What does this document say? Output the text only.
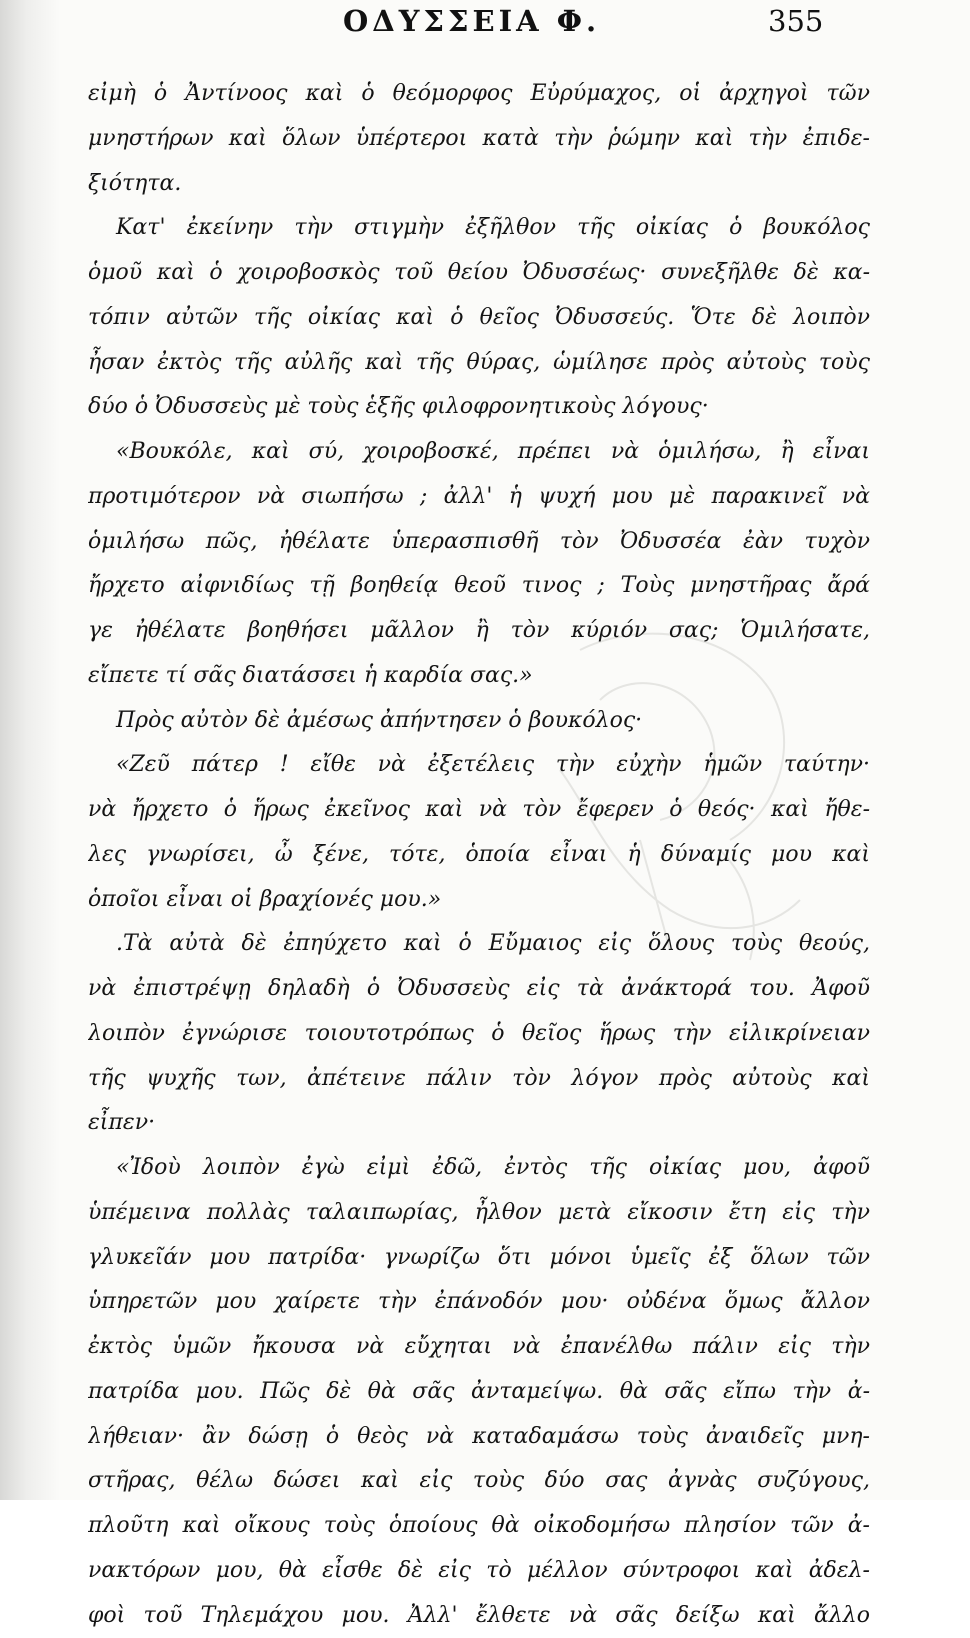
ΟΔΥΣΣΕΙΑ Φ.	355
εἰμὴ ὁ Ἀντίνοος καὶ ὁ θεόμορφος Εὐρύμαχος, οἱ ἀρχηγοὶ τῶν
μνηστήρων καὶ ὅλων ὑπέρτεροι κατὰ τὴν ῥώμην καὶ τὴν ἐπιδε-
ξιότητα.
Κατ' ἐκείνην τὴν στιγμὴν ἐξῆλθον τῆς οἰκίας ὁ βουκόλος
ὁμοῦ καὶ ὁ χοιροβοσκὸς τοῦ θείου Ὀδυσσέως· συνεξῆλθε δὲ κα-
τόπιν αὐτῶν τῆς οἰκίας καὶ ὁ θεῖος Ὀδυσσεύς. Ὅτε δὲ λοιπὸν
ἦσαν ἐκτὸς τῆς αὐλῆς καὶ τῆς θύρας, ὡμίλησε πρὸς αὐτοὺς τοὺς
δύο ὁ Ὀδυσσεὺς μὲ τοὺς ἑξῆς φιλοφρονητικοὺς λόγους·
«Βουκόλε, καὶ σύ, χοιροβοσκέ, πρέπει νὰ ὁμιλήσω, ἢ εἶναι
προτιμότερον νὰ σιωπήσω ; ἀλλ' ἡ ψυχή μου μὲ παρακινεῖ νὰ
ὁμιλήσω πῶς, ἠθέλατε ὑπερασπισθῆ τὸν Ὀδυσσέα ἐὰν τυχὸν
ἤρχετο αἰφνιδίως τῇ βοηθείᾳ θεοῦ τινος ; Τοὺς μνηστῆρας ἄρά
γε ἠθέλατε βοηθήσει μᾶλλον ἢ τὸν κύριόν σας; Ὁμιλήσατε,
εἴπετε τί σᾶς διατάσσει ἡ καρδία σας.»
Πρὸς αὐτὸν δὲ ἀμέσως ἀπήντησεν ὁ βουκόλος·
«Ζεῦ πάτερ ! εἴθε νὰ ἐξετέλεις τὴν εὐχὴν ἡμῶν ταύτην·
νὰ ἤρχετο ὁ ἥρως ἐκεῖνος καὶ νὰ τὸν ἔφερεν ὁ θεός· καὶ ἤθε-
λες γνωρίσει, ὦ ξένε, τότε, ὁποία εἶναι ἡ δύναμίς μου καὶ
ὁποῖοι εἶναι οἱ βραχίονές μου.»
.Τὰ αὐτὰ δὲ ἐπηύχετο καὶ ὁ Εὔμαιος εἰς ὅλους τοὺς θεούς,
νὰ ἐπιστρέψῃ δηλαδὴ ὁ Ὀδυσσεὺς εἰς τὰ ἀνάκτορά του. Ἀφοῦ
λοιπὸν ἐγνώρισε τοιουτοτρόπως ὁ θεῖος ἥρως τὴν εἰλικρίνειαν
τῆς ψυχῆς των, ἀπέτεινε πάλιν τὸν λόγον πρὸς αὐτοὺς καὶ
εἶπεν·
«Ἰδοὺ λοιπὸν ἐγὼ εἰμὶ ἐδῶ, ἐντὸς τῆς οἰκίας μου, ἀφοῦ
ὑπέμεινα πολλὰς ταλαιπωρίας, ἦλθον μετὰ εἴκοσιν ἔτη εἰς τὴν
γλυκεῖάν μου πατρίδα· γνωρίζω ὅτι μόνοι ὑμεῖς ἐξ ὅλων τῶν
ὑπηρετῶν μου χαίρετε τὴν ἐπάνοδόν μου· οὐδένα ὅμως ἄλλον
ἐκτὸς ὑμῶν ἤκουσα νὰ εὔχηται νὰ ἐπανέλθω πάλιν εἰς τὴν
πατρίδα μου. Πῶς δὲ θὰ σᾶς ἀνταμείψω. θὰ σᾶς εἴπω τὴν ἀ-
λήθειαν· ἂν δώσῃ ὁ θεὸς νὰ καταδαμάσω τοὺς ἀναιδεῖς μνη-
στῆρας, θέλω δώσει καὶ εἰς τοὺς δύο σας ἀγνὰς συζύγους,
πλοῦτη καὶ οἴκους τοὺς ὁποίους θὰ οἰκοδομήσω πλησίον τῶν ἀ-
νακτόρων μου, θὰ εἶσθε δὲ εἰς τὸ μέλλον σύντροφοι καὶ ἀδελ-
φοὶ τοῦ Τηλεμάχου μου. Ἀλλ' ἔλθετε νὰ σᾶς δείξω καὶ ἄλλο
